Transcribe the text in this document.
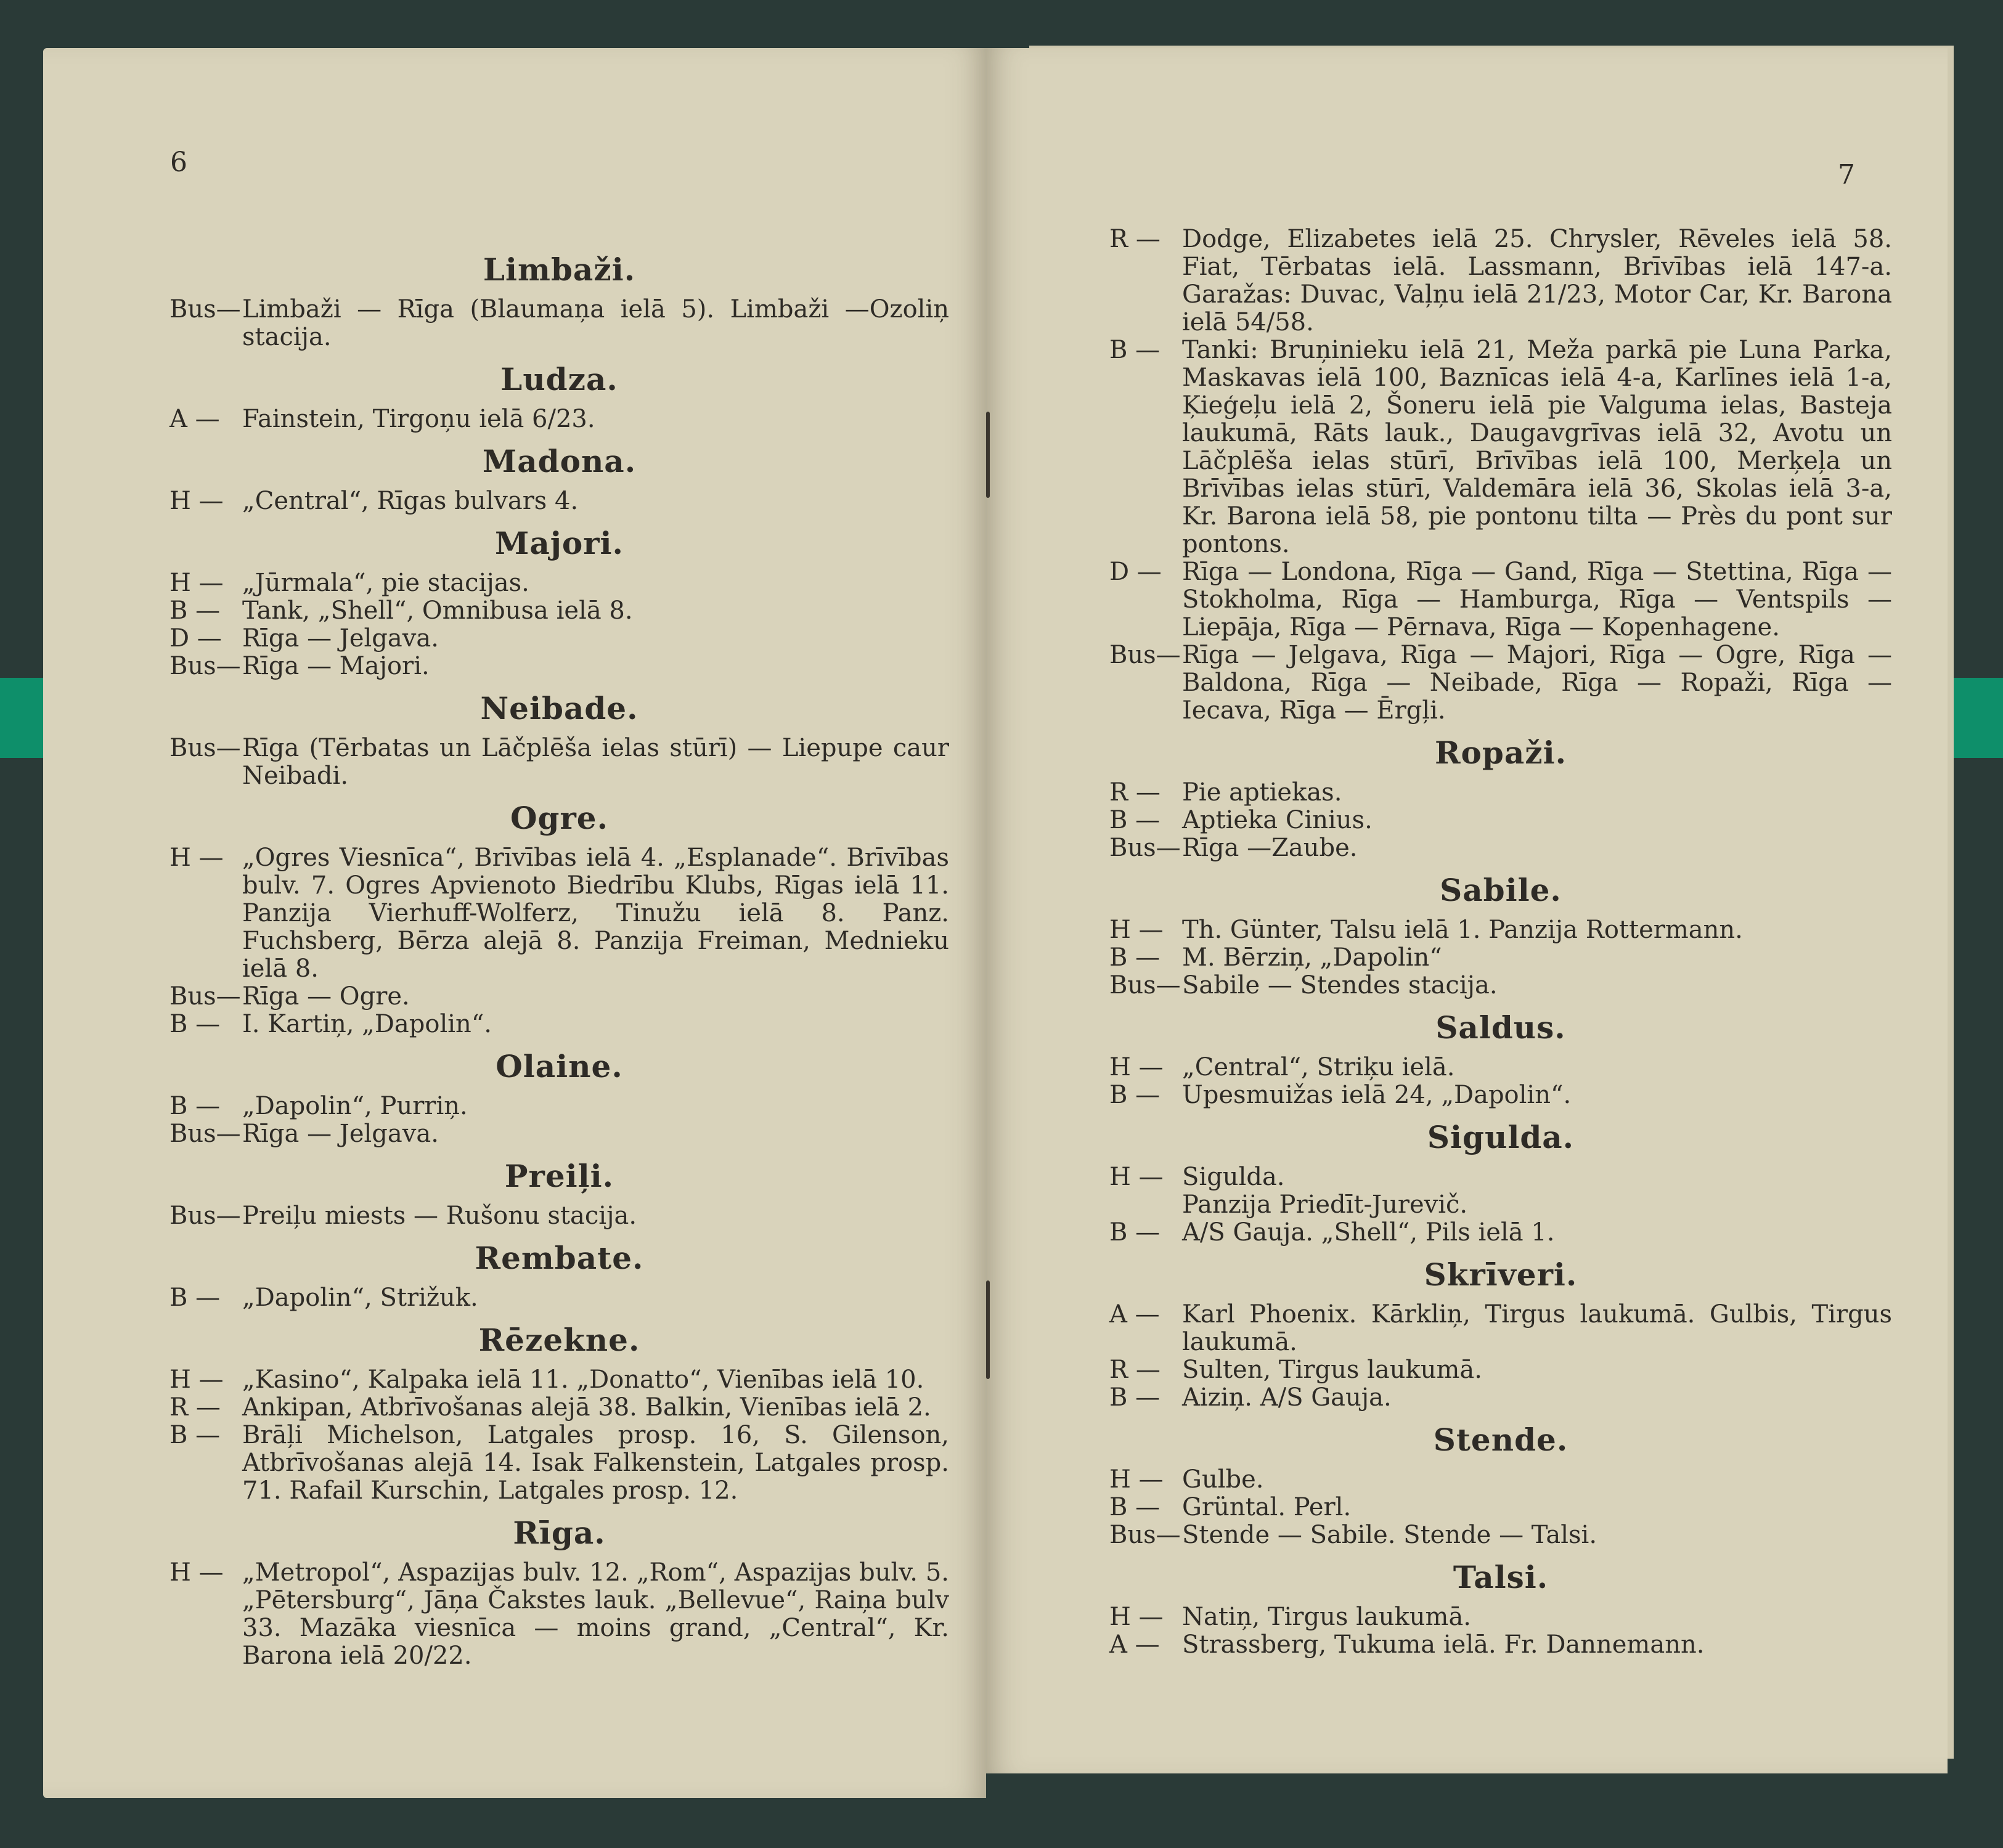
6
Limbaži.
Bus— Limbaži — Rīga (Blaumaņa ielā 5). Limbaži —Ozoliņ stacija.
Ludza.
A — Fainstein, Tirgoņu ielā 6/23.
Madona.
H — „Central“, Rīgas bulvars 4.
Majori.
H — „Jūrmala“, pie stacijas.
B — Tank, „Shell“, Omnibusa ielā 8.
D — Rīga — Jelgava.
Bus— Rīga — Majori.
Neibade.
Bus— Rīga (Tērbatas un Lāčplēša ielas stūrī) — Liepupe caur Neibadi.
Ogre.
H — „Ogres Viesnīca“, Brīvības ielā 4. „Esplanade“. Brīvības bulv. 7. Ogres Apvienoto Biedrību Klubs, Rīgas ielā 11. Panzija Vierhuff-Wolferz, Tinužu ielā 8. Panz. Fuchsberg, Bērza alejā 8. Panzija Freiman, Mednieku ielā 8.
Bus— Rīga — Ogre.
B — I. Kartiņ, „Dapolin“.
Olaine.
B — „Dapolin“, Purriņ.
Bus— Rīga — Jelgava.
Preiļi.
Bus— Preiļu miests — Rušonu stacija.
Rembate.
B — „Dapolin“, Strižuk.
Rēzekne.
H — „Kasino“, Kalpaka ielā 11. „Donatto“, Vienības ielā 10.
R — Ankipan, Atbrīvošanas alejā 38. Balkin, Vienības ielā 2.
B — Brāļi Michelson, Latgales prosp. 16, S. Gilenson, Atbrīvošanas alejā 14. Isak Falkenstein, Latgales prosp. 71. Rafail Kurschin, Latgales prosp. 12.
Rīga.
H — „Metropol“, Aspazijas bulv. 12. „Rom“, Aspazijas bulv. 5. „Pētersburg“, Jāņa Čakstes lauk. „Bellevue“, Raiņa bulv 33. Mazāka viesnīca — moins grand, „Central“, Kr. Barona ielā 20/22.
7
R — Dodge, Elizabetes ielā 25. Chrysler, Rēveles ielā 58. Fiat, Tērbatas ielā. Lassmann, Brīvības ielā 147-a. Garažas: Duvac, Vaļņu ielā 21/23, Motor Car, Kr. Barona ielā 54/58.
B — Tanki: Bruņinieku ielā 21, Meža parkā pie Luna Parka, Maskavas ielā 100, Baznīcas ielā 4-a, Karlīnes ielā 1-a, Ķieģeļu ielā 2, Šoneru ielā pie Valguma ielas, Basteja laukumā, Rāts lauk., Daugavgrīvas ielā 32, Avotu un Lāčplēša ielas stūrī, Brīvības ielā 100, Merķeļa un Brīvības ielas stūrī, Valdemāra ielā 36, Skolas ielā 3-a, Kr. Barona ielā 58, pie pontonu tilta — Près du pont sur pontons.
D — Rīga — Londona, Rīga — Gand, Rīga — Stettina, Rīga — Stokholma, Rīga — Hamburga, Rīga — Ventspils — Liepāja, Rīga — Pērnava, Rīga — Kopenhagene.
Bus— Rīga — Jelgava, Rīga — Majori, Rīga — Ogre, Rīga — Baldona, Rīga — Neibade, Rīga — Ropaži, Rīga — Iecava, Rīga — Ērgļi.
Ropaži.
R — Pie aptiekas.
B — Aptieka Cinius.
Bus— Rīga —Zaube.
Sabile.
H — Th. Günter, Talsu ielā 1. Panzija Rottermann.
B — M. Bērziņ, „Dapolin“
Bus— Sabile — Stendes stacija.
Saldus.
H — „Central“, Striķu ielā.
B — Upesmuižas ielā 24, „Dapolin“.
Sigulda.
H — Sigulda.
Panzija Priedīt-Jurevič.
B — A/S Gauja. „Shell“, Pils ielā 1.
Skrīveri.
A — Karl Phoenix. Kārkliņ, Tirgus laukumā. Gulbis, Tirgus laukumā.
R — Sulten, Tirgus laukumā.
B — Aiziņ. A/S Gauja.
Stende.
H — Gulbe.
B — Grüntal. Perl.
Bus— Stende — Sabile. Stende — Talsi.
Talsi.
H — Natiņ, Tirgus laukumā.
A — Strassberg, Tukuma ielā. Fr. Dannemann.
